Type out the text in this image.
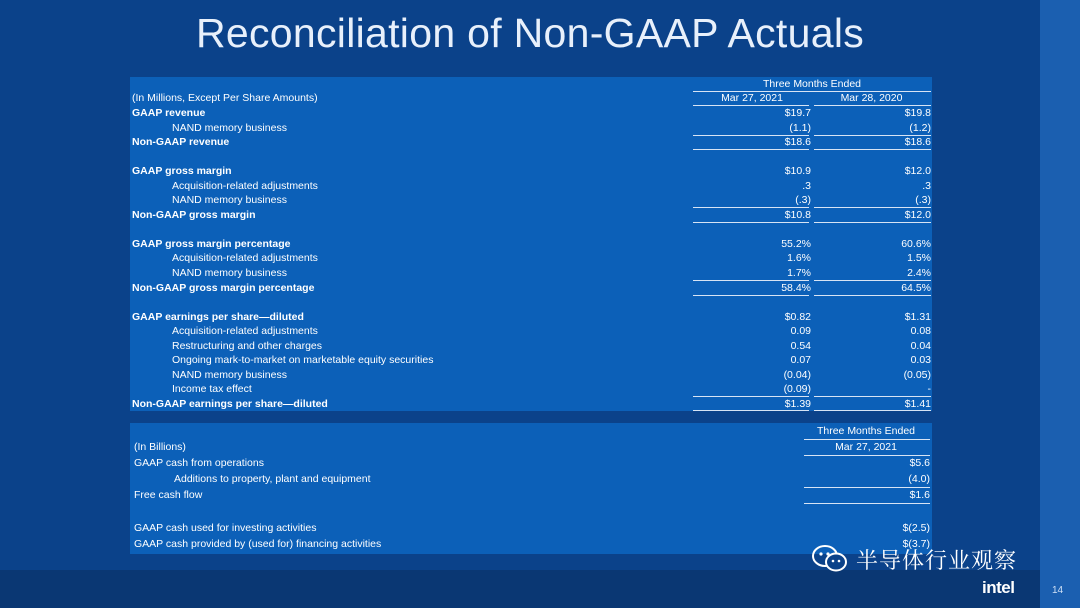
Reconciliation of Non-GAAP Actuals
Three Months Ended
(In Millions, Except Per Share Amounts)	Mar 27, 2021	Mar 28, 2020
GAAP revenue	$19.7	$19.8
NAND memory business	(1.1)	(1.2)
Non-GAAP revenue	$18.6	$18.6
GAAP gross margin	$10.9	$12.0
Acquisition-related adjustments	.3	.3
NAND memory business	(.3)	(.3)
Non-GAAP gross margin	$10.8	$12.0
GAAP gross margin percentage	55.2%	60.6%
Acquisition-related adjustments	1.6%	1.5%
NAND memory business	1.7%	2.4%
Non-GAAP gross margin percentage	58.4%	64.5%
GAAP earnings per share—diluted	$0.82	$1.31
Acquisition-related adjustments	0.09	0.08
Restructuring and other charges	0.54	0.04
Ongoing mark-to-market on marketable equity securities	0.07	0.03
NAND memory business	(0.04)	(0.05)
Income tax effect	(0.09)	-
Non-GAAP earnings per share—diluted	$1.39	$1.41
Three Months Ended
(In Billions)	Mar 27, 2021
GAAP cash from operations	$5.6
Additions to property, plant and equipment	(4.0)
Free cash flow	$1.6
GAAP cash used for investing activities	$(2.5)
GAAP cash provided by (used for) financing activities	$(3.7)
半导体行业观察
intel	14
